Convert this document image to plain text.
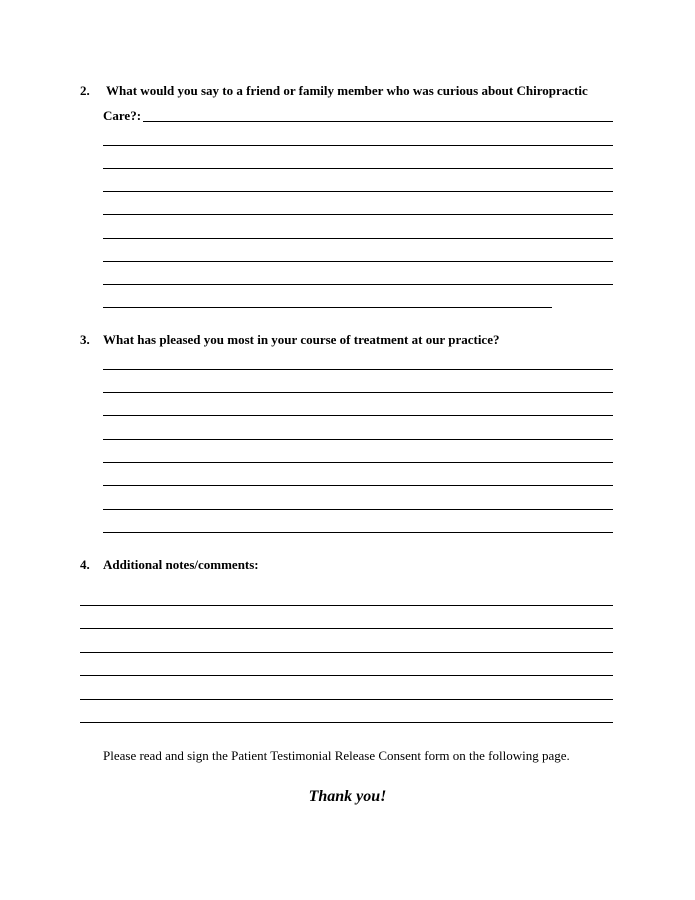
2. What would you say to a friend or family member who was curious about Chiropractic
Care?:
3. What has pleased you most in your course of treatment at our practice?
4. Additional notes/comments:
Please read and sign the Patient Testimonial Release Consent form on the following page.
Thank you!
